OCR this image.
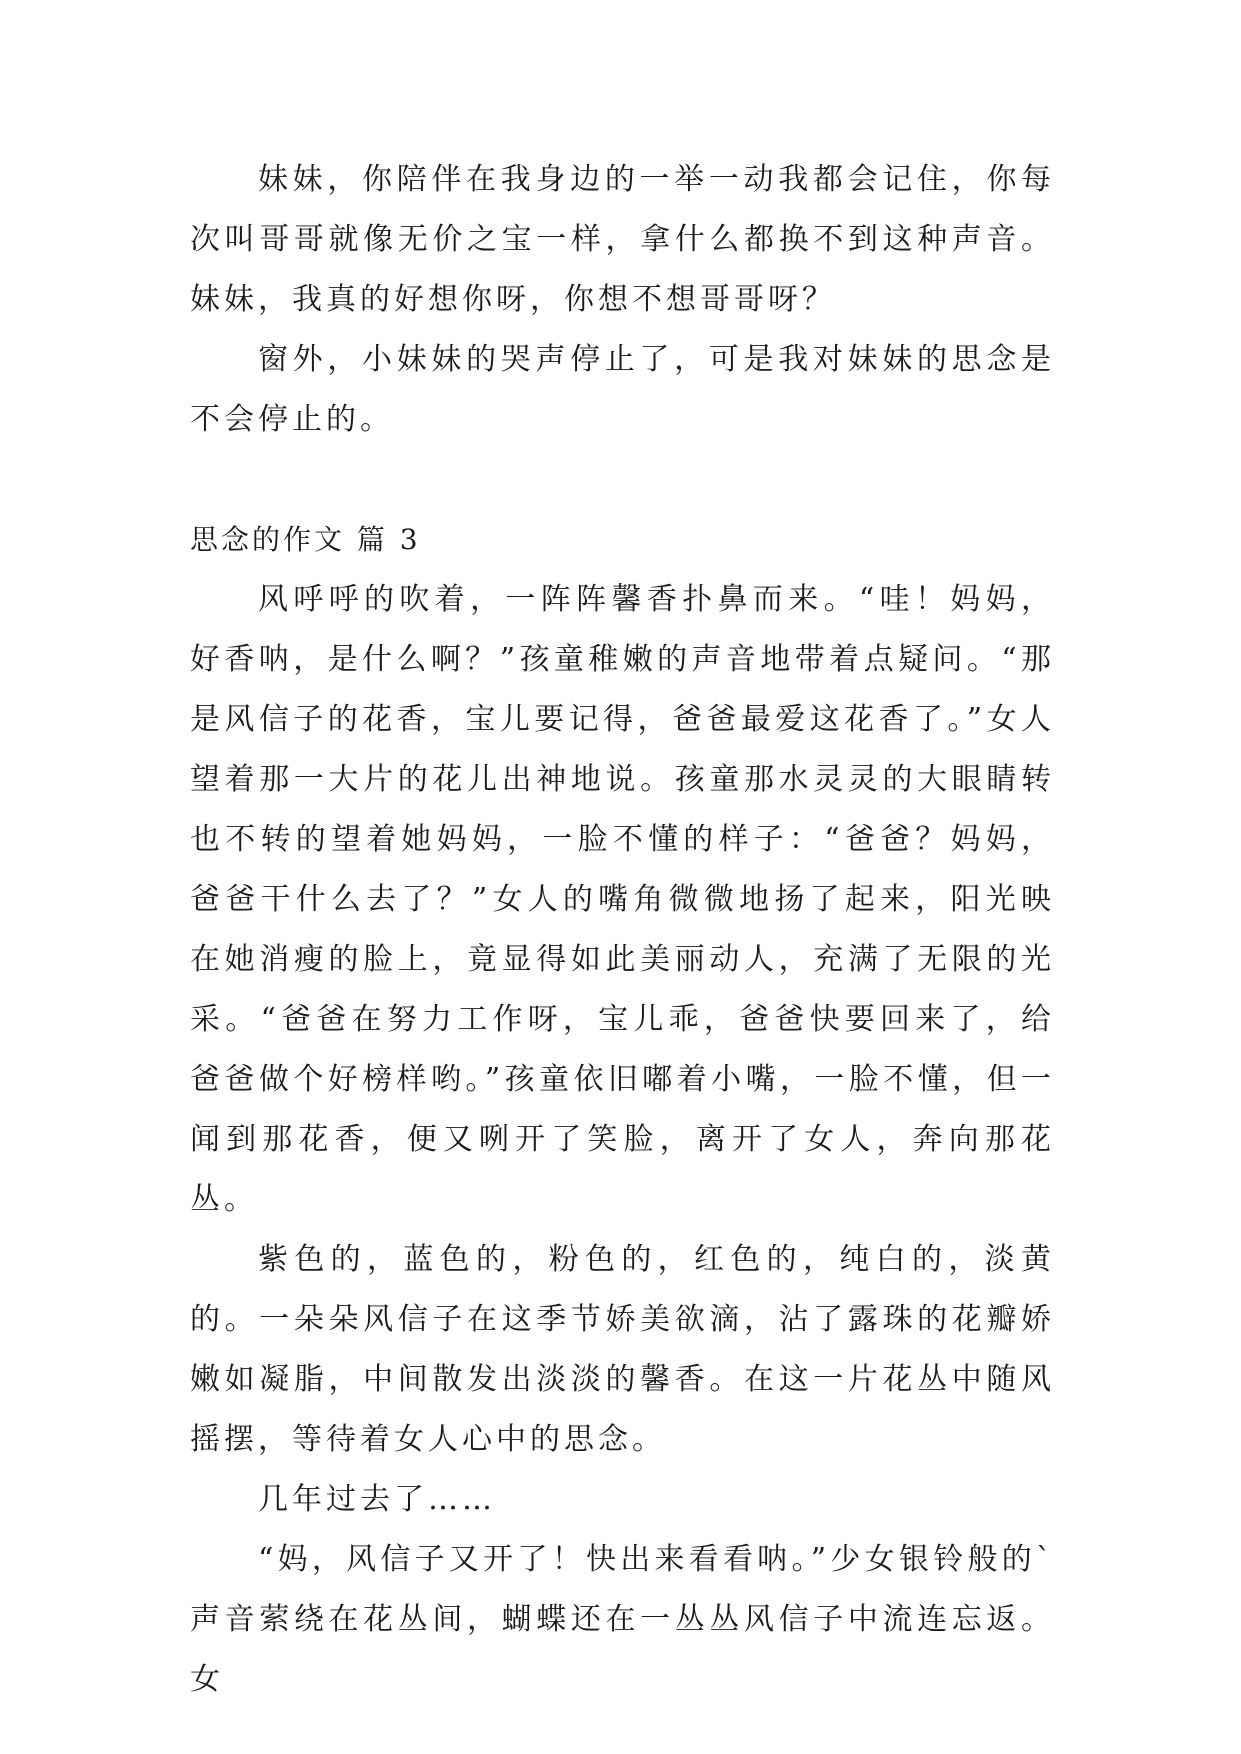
妹妹，你陪伴在我身边的一举一动我都会记住，你每次叫哥哥就像无价之宝一样，拿什么都换不到这种声音。妹妹，我真的好想你呀，你想不想哥哥呀？

窗外，小妹妹的哭声停止了，可是我对妹妹的思念是不会停止的。

思念的作文 篇 3

风呼呼的吹着，一阵阵馨香扑鼻而来。“哇！妈妈，好香呐，是什么啊？”孩童稚嫩的声音地带着点疑问。“那是风信子的花香，宝儿要记得，爸爸最爱这花香了。”女人望着那一大片的花儿出神地说。孩童那水灵灵的大眼睛转也不转的望着她妈妈，一脸不懂的样子：“爸爸？妈妈，爸爸干什么去了？”女人的嘴角微微地扬了起来，阳光映在她消瘦的脸上，竟显得如此美丽动人，充满了无限的光采。“爸爸在努力工作呀，宝儿乖，爸爸快要回来了，给爸爸做个好榜样哟。”孩童依旧嘟着小嘴，一脸不懂，但一闻到那花香，便又咧开了笑脸，离开了女人，奔向那花丛。

紫色的，蓝色的，粉色的，红色的，纯白的，淡黄的。一朵朵风信子在这季节娇美欲滴，沾了露珠的花瓣娇嫩如凝脂，中间散发出淡淡的馨香。在这一片花丛中随风摇摆，等待着女人心中的思念。

几年过去了……

“妈，风信子又开了！快出来看看呐。”少女银铃般的`声音萦绕在花丛间，蝴蝶还在一丛丛风信子中流连忘返。女
